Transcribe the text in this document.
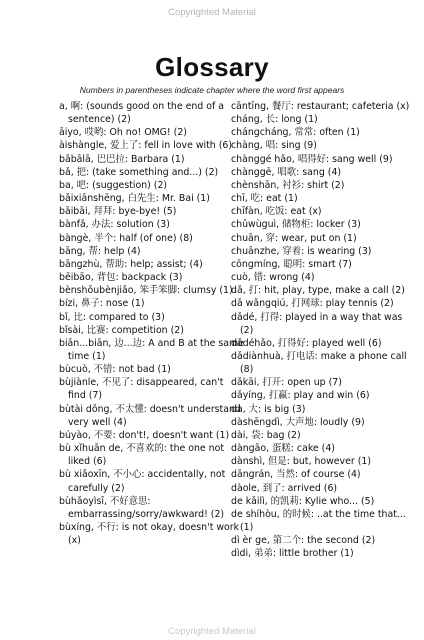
Copyrighted Material
Glossary
Numbers in parentheses indicate chapter where the word first appears
a, 啊: (sounds good on the end of a sentence) (2)
āiyo, 哎哟: Oh no! OMG! (2)
àishàngle, 爱上了: fell in love with (6)
bābālā, 巴巴拉: Barbara (1)
bǎ, 把: (take something and...) (2)
ba, 吧: (suggestion) (2)
bǎixiānshēng, 白先生: Mr. Bai (1)
bāibāi, 拜拜: bye-bye! (5)
bànfǎ, 办法: solution (3)
bàngè, 半个: half (of one) (8)
bāng, 帮: help (4)
bāngzhù, 帮助: help; assist; (4)
bēibāo, 背包: backpack (3)
bènshǒubènjiǎo, 笨手笨脚: clumsy (1)
bízi, 鼻子: nose (1)
bǐ, 比: compared to (3)
bǐsài, 比赛: competition (2)
biān...biān, 边...边: A and B at the same time (1)
bùcuò, 不错: not bad (1)
bùjiànle, 不见了: disappeared, can't find (7)
bùtài dǒng, 不太懂: doesn't understand very well (4)
búyào, 不要: don't!, doesn't want (1)
bù xǐhuān de, 不喜欢的: the one not liked (6)
bù xiǎoxīn, 不小心: accidentally, not carefully (2)
bùhǎoyìsī, 不好意思: embarrassing/sorry/awkward! (2)
bùxíng, 不行: is not okay, doesn't work (x)
cāntīng, 餐厅: restaurant; cafeteria (x)
cháng, 长: long (1)
chángcháng, 常常: often (1)
chàng, 唱: sing (9)
chànggé hǎo, 唱得好: sang well (9)
chànggē, 唱歌: sang (4)
chènshān, 衬衫: shirt (2)
chī, 吃: eat (1)
chīfàn, 吃饭: eat (x)
chǔwùguì, 储物柜: locker (3)
chuān, 穿: wear, put on (1)
chuānzhe, 穿着: is wearing (3)
cōngmíng, 聪明: smart (7)
cuò, 错: wrong (4)
dǎ, 打: hit, play, type, make a call (2)
dǎ wǎngqiú, 打网球: play tennis (2)
dǎdé, 打得: played in a way that was (2)
dǎdéhǎo, 打得好: played well (6)
dǎdiànhuà, 打电话: make a phone call (8)
dǎkāi, 打开: open up (7)
dǎyíng, 打赢: play and win (6)
dà, 大: is big (3)
dàshēngdì, 大声地: loudly (9)
dài, 袋: bag (2)
dàngāo, 蛋糕: cake (4)
dànshì, 但是: but, however (1)
dāngrán, 当然: of course (4)
dàole, 到了: arrived (6)
de kǎilì, 的凯莉: Kylie who... (5)
de shíhòu, 的时候: ..at the time that... (1)
dì èr ge, 第二个: the second (2)
dìdi, 弟弟: little brother (1)
Copyrighted Material
